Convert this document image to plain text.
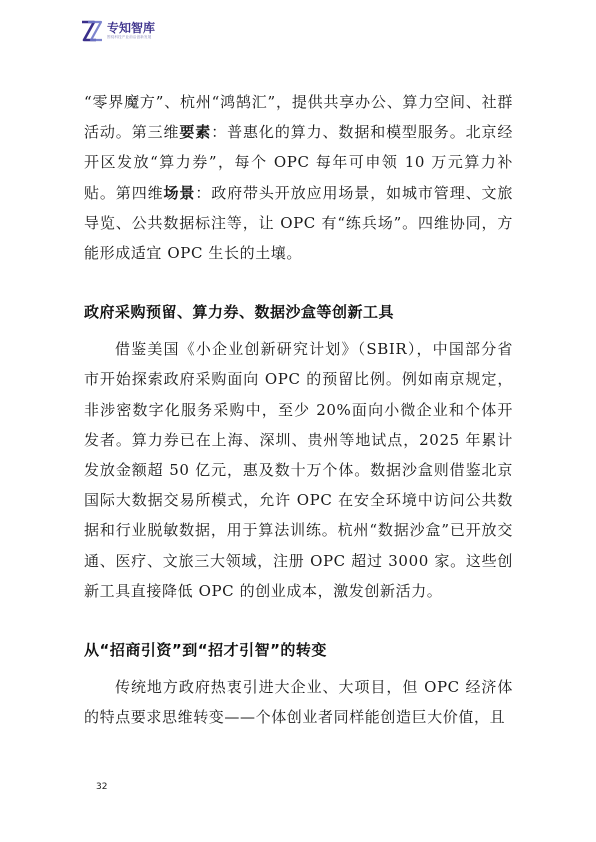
专知智库
围绕科技产业前沿创新发展

“零界魔方”、杭州“鸿鹄汇”，提供共享办公、算力空间、社群活动。第三维要素：普惠化的算力、数据和模型服务。北京经开区发放“算力券”，每个 OPC 每年可申领 10 万元算力补贴。第四维场景：政府带头开放应用场景，如城市管理、文旅导览、公共数据标注等，让 OPC 有“练兵场”。四维协同，方能形成适宜 OPC 生长的土壤。

政府采购预留、算力券、数据沙盒等创新工具

借鉴美国《小企业创新研究计划》（SBIR），中国部分省市开始探索政府采购面向 OPC 的预留比例。例如南京规定，非涉密数字化服务采购中，至少 20%面向小微企业和个体开发者。算力券已在上海、深圳、贵州等地试点，2025 年累计发放金额超 50 亿元，惠及数十万个体。数据沙盒则借鉴北京国际大数据交易所模式，允许 OPC 在安全环境中访问公共数据和行业脱敏数据，用于算法训练。杭州“数据沙盒”已开放交通、医疗、文旅三大领域，注册 OPC 超过 3000 家。这些创新工具直接降低 OPC 的创业成本，激发创新活力。

从“招商引资”到“招才引智”的转变

传统地方政府热衷引进大企业、大项目，但 OPC 经济体的特点要求思维转变——个体创业者同样能创造巨大价值，且

32
